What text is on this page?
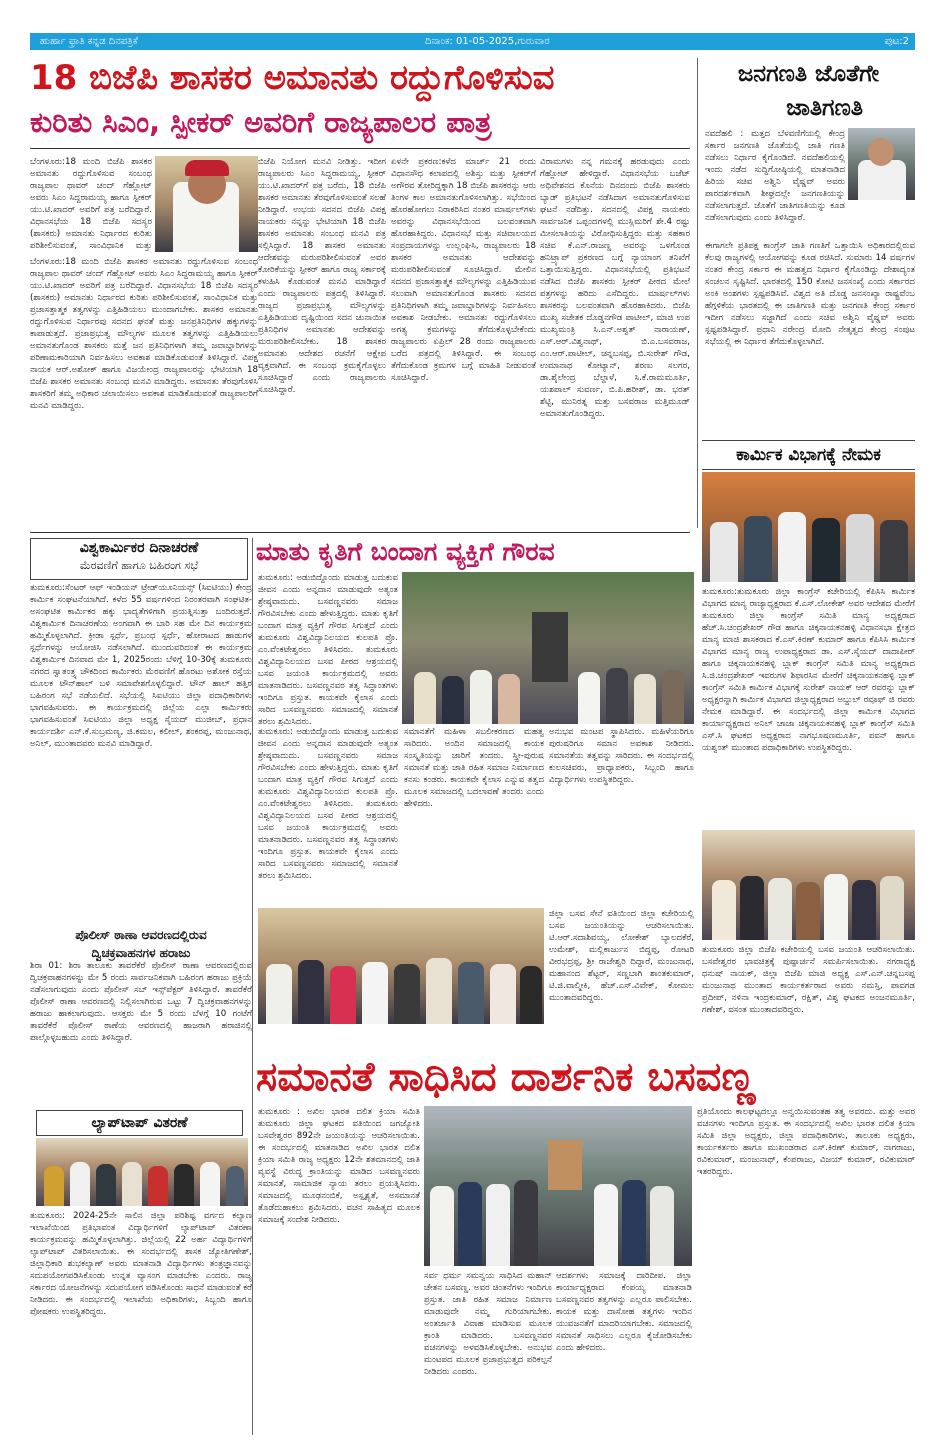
ಹುರ್ಹಾ ಫ್ರಾತಿ ಕನ್ನಡ ದಿನಪತ್ರಿಕೆ	ದಿನಾಂಕ: 01-05-2025,ಗುರುವಾರ	ಪುಟ:2
18 ಬಿಜೆಪಿ ಶಾಸಕರ ಅಮಾನತು ರದ್ದುಗೊಳಿಸುವ
ಕುರಿತು ಸಿಎಂ, ಸ್ಪೀಕರ್ ಅವರಿಗೆ ರಾಜ್ಯಪಾಲರ ಪಾತ್ರ
ಬೆಂಗಳೂರು:18 ಮಂದಿ ಬಿಜೆಪಿ ಶಾಸಕರ ಅಮಾನತು ರದ್ದುಗೊಳಿಸುವ ಸಂಬಂಧ ರಾಜ್ಯಪಾಲ ಥಾವರ್ ಚಂದ್ ಗೆಹ್ಲೋಟ್ ಅವರು ಸಿಎಂ ಸಿದ್ದರಾಮಯ್ಯ ಹಾಗೂ ಸ್ಪೀಕರ್ ಯು.ಟಿ.ಖಾದರ್ ಅವರಿಗೆ ಪತ್ರ ಬರೆದಿದ್ದಾರೆ. ವಿಧಾನಸಭೆಯ 18 ಬಿಜೆಪಿ ಸದಸ್ಯರ (ಶಾಸಕರು) ಅಮಾನತು ನಿರ್ಧಾರದ ಕುರಿತು ಪರಿಶೀಲಿಸುವಂತೆ, ಸಾಂವಿಧಾನಿಕ ಮತ್ತು
ಬೆಂಗಳೂರು:18 ಮಂದಿ ಬಿಜೆಪಿ ಶಾಸಕರ ಅಮಾನತು ರದ್ದುಗೊಳಿಸುವ ಸಂಬಂಧ ರಾಜ್ಯಪಾಲ ಥಾವರ್ ಚಂದ್ ಗೆಹ್ಲೋಟ್ ಅವರು ಸಿಎಂ ಸಿದ್ದರಾಮಯ್ಯ ಹಾಗೂ ಸ್ಪೀಕರ್ ಯು.ಟಿ.ಖಾದರ್ ಅವರಿಗೆ ಪತ್ರ ಬರೆದಿದ್ದಾರೆ. ವಿಧಾನಸಭೆಯ 18 ಬಿಜೆಪಿ ಸದಸ್ಯರ (ಶಾಸಕರು) ಅಮಾನತು ನಿರ್ಧಾರದ ಕುರಿತು ಪರಿಶೀಲಿಸುವಂತೆ, ಸಾಂವಿಧಾನಿಕ ಮತ್ತು ಪ್ರಜಾಸತ್ತಾತ್ಮಕ ತತ್ವಗಳನ್ನು ಎತ್ತಿಹಿಡಿಯಲು ಮುಂದಾಗಬೇಕು. ಶಾಸಕರ ಅಮಾನತು ರದ್ದುಗೊಳಿಸುವ ನಿರ್ಧಾರವು ಸದನದ ಘನತೆ ಮತ್ತು ಜನಪ್ರತಿನಿಧಿಗಳ ಹಕ್ಕುಗಳನ್ನು ಕಾಪಾಡುತ್ತದೆ. ಪ್ರಜಾಪ್ರಭುತ್ವ ಮೌಲ್ಯಗಳ ಮೂಲಕ ತತ್ವಗಳನ್ನು ಎತ್ತಿಹಿಡಿಯಲು ಅಮಾನತುಗೊಂಡ ಶಾಸಕರು ಮತ್ತೆ ಜನ ಪ್ರತಿನಿಧಿಗಳಾಗಿ ತಮ್ಮ ಜವಾಬ್ದಾರಿಗಳನ್ನು ಪರಿಣಾಮಕಾರಿಯಾಗಿ ನಿರ್ವಹಿಸಲು ಅವಕಾಶ ಮಾಡಿಕೊಡುವಂತೆ ತಿಳಿಸಿದ್ದಾರೆ. ವಿಪಕ್ಷ ನಾಯಕ ಆರ್.ಅಶೋಕ್ ಹಾಗೂ ವಿಜಯೇಂದ್ರ ರಾಜ್ಯಪಾಲರನ್ನು ಭೇಟಿಯಾಗಿ 18 ಬಿಜೆಪಿ ಶಾಸಕರ ಅಮಾನತು ಸಂಬಂಧ ಮನವಿ ಮಾಡಿದ್ದರು. ಅಮಾನತು ತೆರವುಗೊಳಿಸಿ ಶಾಸಕರಿಗೆ ತಮ್ಮ ಅಧಿಕಾರ ಚಲಾಯಿಸಲು ಅವಕಾಶ ಮಾಡಿಕೊಡುವಂತೆ ರಾಜ್ಯಪಾಲರಿಗೆ ಮನವಿ ಮಾಡಿದ್ದರು.
ಬಿಜೆಪಿ ನಿಯೋಗ ಮನವಿ ನೀಡಿತ್ತು. ಇದೀಗ ರಾಜ್ಯಪಾಲರು ಸಿಎಂ ಸಿದ್ದರಾಮಯ್ಯ, ಸ್ಪೀಕರ್ ಯು.ಟಿ.ಖಾದರ್‌ಗೆ ಪತ್ರ ಬರೆದು, 18 ಬಿಜೆಪಿ ಶಾಸಕರ ಅಮಾನತು ತೆರವುಗೊಳಿಸುವಂತೆ ಸಲಹೆ ನೀಡಿದ್ದಾರೆ. ಉಭಯ ಸದನದ ಬಿಜೆಪಿ ವಿಪಕ್ಷ ನಾಯಕರು ನನ್ನನ್ನು ಭೇಟಿಯಾಗಿ 18 ಬಿಜೆಪಿ ಶಾಸಕರ ಅಮಾನತು ಸಂಬಂಧ ಮನವಿ ಪತ್ರ ಸಲ್ಲಿಸಿದ್ದಾರೆ. 18 ಶಾಸಕರ ಅಮಾನತು ಆದೇಶವನ್ನು ಮರುಪರಿಶೀಲಿಸುವಂತೆ ಅವರ ಕೋರಿಕೆಯನ್ನು ಸ್ಪೀಕರ್ ಹಾಗೂ ರಾಜ್ಯ ಸರ್ಕಾರಕ್ಕೆ ಕಳುಹಿಸಿ ಕೊಡುವಂತೆ ಮನವಿ ಮಾಡಿದ್ದಾರೆ ಎಂದು ರಾಜ್ಯಪಾಲರು ಪತ್ರದಲ್ಲಿ ತಿಳಿಸಿದ್ದಾರೆ. ರಾಜ್ಯದ ಪ್ರಜಾಪ್ರಭುತ್ವ ಮೌಲ್ಯಗಳನ್ನು ಎತ್ತಿಹಿಡಿಯುವ ದೃಷ್ಟಿಯಿಂದ ಸದನ ಚುನಾಯಿತ ಪ್ರತಿನಿಧಿಗಳ ಅಮಾನತು ಆದೇಶವನ್ನು ಮರುಪರಿಶೀಲಿಸಬೇಕು. 18 ಶಾಸಕರ ಅಮಾನತು ಆದೇಶದ ರಚನೆಗೆ ಆಕ್ಷೇಪ ವ್ಯಕ್ತವಾಗಿದೆ. ಈ ಸಂಬಂಧ ಕ್ರಮಕೈಗೊಳ್ಳಲು ಸೂಚಿಸಿದ್ದಾರೆ ಎಂದು ರಾಜ್ಯಪಾಲರು ಸೂಚಿಸಿದ್ದಾರೆ.
ಏಳನೇ ಪ್ರಕರಣ:ಕಳೆದ ಮಾರ್ಚ್ 21 ರಂದು ವಿಧಾನಸೌಧ ಕಲಾಪದಲ್ಲಿ ಅಶಿಸ್ತು ಮತ್ತು ಸ್ಪೀಕರ್‌ಗೆ ಅಗೌರವ ತೋರಿದ್ದಕ್ಕಾಗಿ 18 ಬಿಜೆಪಿ ಶಾಸಕರನ್ನು ಆರು ತಿಂಗಳ ಕಾಲ ಅಮಾನತುಗೊಳಿಸಲಾಗಿತ್ತು. ಸಭೆಯಿಂದ ಹೊರಹೋಗಲು ನಿರಾಕರಿಸಿದ ನಂತರ ಮಾರ್ಷಲ್‌ಗಳು ಅವರನ್ನು ವಿಧಾನಸಭೆಯಿಂದ ಬಲವಂತವಾಗಿ ಹೊರಹಾಕಿದ್ದರು. ವಿಧಾನಸಭೆ ಮತ್ತು ಸಚಿವಾಲಯದ ಸಂಪ್ರದಾಯಗಳನ್ನು ಉಲ್ಲಂಘಿಸಿ, ರಾಜ್ಯಪಾಲರು 18 ಶಾಸಕರ ಅಮಾನತು ಆದೇಶವನ್ನು ಮರುಪರಿಶೀಲಿಸುವಂತೆ ಸೂಚಿಸಿದ್ದಾರೆ. ಮೇಲಿನ ಸದನದ ಪ್ರಜಾಸತ್ತಾತ್ಮಕ ಮೌಲ್ಯಗಳನ್ನು ಎತ್ತಿಹಿಡಿಯುವ ಸಲುವಾಗಿ ಅಮಾನತುಗೊಂಡ ಶಾಸಕರು ಸದನದ ಪ್ರತಿನಿಧಿಗಳಾಗಿ ತಮ್ಮ ಜವಾಬ್ದಾರಿಗಳನ್ನು ನಿರ್ವಹಿಸಲು ಅವಕಾಶ ನೀಡಬೇಕು. ಅಮಾನತು ರದ್ದುಗೊಳಿಸಲು ಅಗತ್ಯ ಕ್ರಮಗಳನ್ನು ತೆಗೆದುಕೊಳ್ಳಬೇಕೆಂದು ರಾಜ್ಯಪಾಲರು ಏಪ್ರಿಲ್ 28 ರಂದು ರಾಜ್ಯಪಾಲರು ಬರೆದ ಪತ್ರದಲ್ಲಿ ತಿಳಿಸಿದ್ದಾರೆ. ಈ ಸಂಬಂಧ ತೆಗೆದುಕೊಂಡ ಕ್ರಮಗಳ ಬಗ್ಗೆ ಮಾಹಿತಿ ನೀಡುವಂತೆ ಸೂಚಿಸಿದ್ದಾರೆ.
ವಿರಾಮಗಳು ನನ್ನ ಗಮನಕ್ಕೆ ಹರಡುವುದು ಎಂದು ಗೆಹ್ಲೋಟ್ ಹೇಳಿದ್ದಾರೆ. ವಿಧಾನಸಭೆಯ ಬಜೆಟ್ ಅಧಿವೇಶನದ ಕೊನೆಯ ದಿನದಂದು ಬಿಜೆಪಿ ಶಾಸಕರು ಬ್ಯಾಡ್ ಪ್ರತಿಭಟನೆ ನಡೆಸಿದಾಗ ಅಮಾನತುಗೊಳಿಸುವ ಘಟನೆ ನಡೆದಿತ್ತು. ಸದನದಲ್ಲಿ ವಿಪಕ್ಷ ನಾಯಕರು ಸಾರ್ವಜನಿಕ ಒಪ್ಪಂದಗಳಲ್ಲಿ ಮುಸ್ಲಿಮರಿಗೆ ಶೇ.4 ರಷ್ಟು ಮೀಸಲಾತಿಯನ್ನು ವಿರೋಧಿಸುತ್ತಿದ್ದರು ಮತ್ತು ಸಹಕಾರ ಸಚಿವ ಕೆ.ಎನ್.ರಾಜಣ್ಣ ಅವರನ್ನು ಒಳಗೊಂಡ ಹನಿಟ್ರ್ಯಾಪ್ ಪ್ರಕರಣದ ಬಗ್ಗೆ ನ್ಯಾಯಾಂಗ ತನಿಖೆಗೆ ಒತ್ತಾಯಿಸುತ್ತಿದ್ದರು. ವಿಧಾನಸಭೆಯಲ್ಲಿ ಪ್ರತಿಭಟನೆ ನಡೆಸಿದ ಬಿಜೆಪಿ ಶಾಸಕರು ಸ್ಪೀಕರ್ ಪೀಠದ ಮೇಲೆ ಪತ್ರಗಳನ್ನು ಹರಿದು ಎಸೆದಿದ್ದರು. ಮಾರ್ಷಲ್‌ಗಳು ಶಾಸಕರನ್ನು ಬಲವಂತವಾಗಿ ಹೊರಹಾಕಿದರು. ಬಿಜೆಪಿ ಮುಖ್ಯ ಸಚೇತಕ ದೊಡ್ಡನಗೌಡ ಪಾಟೀಲ್, ಮಾಜಿ ಉಪ ಮುಖ್ಯಮಂತ್ರಿ ಸಿ.ಎನ್.ಅಶ್ವತ್ ನಾರಾಯಣ್, ಎಸ್.ಆರ್.ವಿಶ್ವನಾಥ್, ಬಿ.ಎ.ಬಸವರಾಜ, ಎಂ.ಆರ್.ಪಾಟೀಲ್, ಚನ್ನಬಸಪ್ಪ, ಬಿ.ಸುರೇಶ್ ಗೌಡ, ಉಮಾನಾಥ ಕೋಟ್ಯಾನ್, ಶರಣು ಸಲಗರ, ಡಾ.ಶೈಲೇಂದ್ರ ಬೆಲ್ದಾಳೆ, ಸಿ.ಕೆ.ರಾಮಮೂರ್ತಿ, ಯಶಪಾಲ್ ಸುವರ್ಣ, ಬಿ.ಪಿ.ಹರೀಶ್, ಡಾ. ಭರತ್ ಶೆಟ್ಟಿ, ಮುನಿರತ್ನ ಮತ್ತು ಬಸವರಾಜ ಮತ್ತಿಮೂಡ್ ಅಮಾನತುಗೊಂಡಿದ್ದರು.
ಜನಗಣತಿ ಜೊತೆಗೇ
ಜಾತಿಗಣತಿ
ನವದೆಹಲಿ : ಮತ್ತದ ಬೆಳವಣಿಗೆಯಲ್ಲಿ ಕೇಂದ್ರ ಸರ್ಕಾರ ಜನಗಣತಿ ಜೊತೆಯಲ್ಲಿ ಜಾತಿ ಗಣತಿ ನಡೆಸಲು ನಿರ್ಧಾರ ಕೈಗೊಂಡಿದೆ. ನವದೆಹಲಿಯಲ್ಲಿ ಇಂದು ನಡೆದ ಸುದ್ದಿಗೋಷ್ಠಿಯಲ್ಲಿ ಮಾತನಾಡಿದ ಹಿರಿಯ ಸಚಿವ ಅಶ್ವಿನಿ ವೈಷ್ಣವ್ ಅವರು ಪಾರದರ್ಶಕವಾಗಿ ಶೀಘ್ರದಲ್ಲೇ ಜನಗಣತಿಯನ್ನು ನಡೆಸಲಾಗುತ್ತದೆ. ಜೊತೆಗೆ ಜಾತಿಗಣತಿಯನ್ನು ಕೂಡ ನಡೆಸಲಾಗುವುದು ಎಂದು ತಿಳಿಸಿದ್ದಾರೆ.
ಈಗಾಗಲೇ ಪ್ರತಿಪಕ್ಷ ಕಾಂಗ್ರೆಸ್ ಜಾತಿ ಗಣತಿಗೆ ಒತ್ತಾಯಿಸಿ ಅಧಿಕಾರದಲ್ಲಿರುವ ಕೆಲವು ರಾಜ್ಯಗಳಲ್ಲಿ ಆಯೋಗವನ್ನು ಕೂಡ ರಚಿಸಿದೆ. ಸುಮಾರು 14 ವರ್ಷಗಳ ನಂತರ ಕೇಂದ್ರ ಸರ್ಕಾರ ಈ ಮಹತ್ವದ ನಿರ್ಧಾರ ಕೈಗೊಂಡಿದ್ದು ದೇಶಾದ್ಯಂತ ಸಂಚಲನ ಸೃಷ್ಟಿಸಿದೆ. ಭಾರತದಲ್ಲಿ 150 ಕೋಟಿ ಜನಸಂಖ್ಯೆ ಎಂದು ಸರ್ಕಾರದ ಅಂಕಿ ಅಂಶಗಳು ಸ್ಪಷ್ಟಪಡಿಸಿವೆ. ವಿಶ್ವದ ಅತಿ ದೊಡ್ಡ ಜನಸಂಖ್ಯಾ ರಾಷ್ಟ್ರವೆಂಬ ಹೆಗ್ಗಳಿಕೆಯ ಭಾರತದಲ್ಲಿ ಈ ಜಾತಿಗಣತಿ ಮತ್ತು ಜನಗಣತಿ ಕೇಂದ್ರ ಸರ್ಕಾರ ಇದೀಗ ನಡೆಸಲು ಸಜ್ಜಾಗಿದೆ ಎಂದು ಸಚಿವ ಅಶ್ವಿನಿ ವೈಷ್ಣವ್ ಅವರು ಸ್ಪಷ್ಟಪಡಿಸಿದ್ದಾರೆ. ಪ್ರಧಾನಿ ನರೇಂದ್ರ ಮೋದಿ ನೇತೃತ್ವದ ಕೇಂದ್ರ ಸಂಪುಟ ಸಭೆಯಲ್ಲಿ ಈ ನಿರ್ಧಾರ ತೆಗೆದುಕೊಳ್ಳಲಾಗಿದೆ.
ಕಾರ್ಮಿಕ ವಿಭಾಗಕ್ಕೆ ನೇಮಕ
ತುಮಕೂರು:ತುಮಕೂರು ಜಿಲ್ಲಾ ಕಾಂಗ್ರೆಸ್ ಕಚೇರಿಯಲ್ಲಿ ಕೆಪಿಸಿಸಿ ಕಾರ್ಮಿಕ ವಿಭಾಗದ ಮಾನ್ಯ ರಾಜ್ಯಾಧ್ಯಕ್ಷರಾದ ಕೆ.ಎಸ್.ಲೋಕೇಶ್ ಅವರ ಆದೇಶದ ಮೇರೆಗೆ ತುಮಕೂರು ಜಿಲ್ಲಾ ಕಾಂಗ್ರೆಸ್ ಸಮಿತಿ ಮಾನ್ಯ ಅಧ್ಯಕ್ಷರಾದ ಹೆಚ್.ಸಿ.ಚಂದ್ರಶೇಖರ್ ಗೌಡ ಹಾಗೂ ಚಿಕ್ಕನಾಯಕನಹಳ್ಳಿ ವಿಧಾನಸಭಾ ಕ್ಷೇತ್ರದ ಮಾನ್ಯ ಮಾಜಿ ಶಾಸಕರಾದ ಕೆ.ಎಸ್.ಕಿರಣ್ ಕುಮಾರ್ ಹಾಗೂ ಕೆಪಿಸಿಸಿ ಕಾರ್ಮಿಕ ವಿಭಾಗದ ಮಾನ್ಯ ರಾಜ್ಯ ಉಪಾಧ್ಯಕ್ಷರಾದ ಡಾ. ಎಸ್.ಸೈಯದ್ ದಾದಾಪೀರ್ ಹಾಗೂ ಚಿಕ್ಕನಾಯಕನಹಳ್ಳಿ ಬ್ಲಾಕ್ ಕಾಂಗ್ರೆಸ್ ಸಮಿತಿ ಮಾನ್ಯ ಅಧ್ಯಕ್ಷರಾದ ಸಿ.ಜಿ.ಚಂದ್ರಶೇಖರ್ ಇವರುಗಳ ಶಿಫಾರಸಿನ ಮೇರೆಗೆ ಚಿಕ್ಕನಾಯಕನಹಳ್ಳಿ ಬ್ಲಾಕ್ ಕಾಂಗ್ರೆಸ್ ಸಮಿತಿ ಕಾರ್ಮಿಕ ವಿಭಾಗಕ್ಕೆ ಸುರೇಶ್ ನಾಯಕ್ ಆರ್ ರವರನ್ನು ಬ್ಲಾಕ್ ಅಧ್ಯಕ್ಷರನ್ನಾಗಿ ಕಾರ್ಮಿಕ ವಿಭಾಗದ ಜಿಲ್ಲಾಧ್ಯಕ್ಷರಾದ ಅಬ್ದುಲ್ ರವೂಫ್ ಜಿ ರವರು ನೇಮಕ ಮಾಡಿದ್ದಾರೆ. ಈ ಸಂದರ್ಭದಲ್ಲಿ ಜಿಲ್ಲಾ ಕಾರ್ಮಿಕ ವಿಭಾಗದ ಕಾರ್ಯಾಧ್ಯಕ್ಷರಾದ ಅನಿಲ್ ಚಾಜಾ ಚಿಕ್ಕನಾಯಕನಹಳ್ಳಿ ಬ್ಲಾಕ್ ಕಾಂಗ್ರೆಸ್ ಸಮಿತಿ ಎಸ್.ಸಿ ಘಟಕದ ಅಧ್ಯಕ್ಷರಾದ ನಾಗಭೂಷಣಮೂರ್ತಿ, ಪವನ್ ಹಾಗೂ ಯಶ್ವಂತ್ ಮುಂತಾದ ಪದಾಧಿಕಾರಿಗಳು ಉಪಸ್ಥಿತರಿದ್ದರು.
ತುಮಕೂರು ಜಿಲ್ಲಾ ಬಿಜೆಪಿ ಕಚೇರಿಯಲ್ಲಿ ಬಸವ ಜಯಂತಿ ಆಚರಿಸಲಾಯಿತು. ಬಸವೇಶ್ವರರ ಭಾವಚಿತ್ರಕ್ಕೆ ಪುಷ್ಪಾರ್ಚನೆ ಸಮರ್ಪಿಸಲಾಯಿತು. ನಗರಾಧ್ಯಕ್ಷ ಧನುಷ್ ನಾಯಕ್, ಜಿಲ್ಲಾ ಬಿಜೆಪಿ ಮಾಜಿ ಅಧ್ಯಕ್ಷ ಎಸ್.ಎನ್.ಚನ್ನಬಸಪ್ಪ ಮಂಜುನಾಥ ಮುಂತಾದ ಕಾರ್ಯಕರ್ತರಾದ ಅವರು ನಮಸ್ತಿ, ಪಾವಗಡ ಪ್ರದೀಪ್, ನಳಿನಾ ಇಂದ್ರಕುಮಾರ್, ರಕ್ಷಿತ್, ವಿಶ್ವ ಘಟಕದ ಅಂಜನಮೂರ್ತಿ, ಗಣೇಶ್, ವಸಂತ ಮುಂತಾದವರಿದ್ದರು.
ವಿಶ್ವಕಾರ್ಮಿಕರ ದಿನಾಚರಣೆ
ಮೆರವಣಿಗೆ ಹಾಗೂ ಬಹಿರಂಗ ಸಭೆ
ತುಮಕೂರು:ಸೆಂಟರ್ ಆಫ್ ಇಂಡಿಯನ್ ಟ್ರೇಡ್‌ಯೂನಿಯನ್ಸ್ (ಸಿಐಟಿಯು) ಕೇಂದ್ರ ಕಾರ್ಮಿಕ ಸಂಘಟನೆಯಾಗಿದೆ. ಕಳೆದ 55 ವರ್ಷಗಳಿಂದ ನಿರಂತರವಾಗಿ ಸಂಘಟಿತ-ಅಸಂಘಟಿತ ಕಾರ್ಮಿಕರ ಹಕ್ಕು ಭಾದ್ಯತೆಗಳಿಗಾಗಿ ಪ್ರಯತ್ನಿಸುತ್ತಾ ಬಂದಿರುತ್ತದೆ. ವಿಶ್ವಕಾರ್ಮಿಕ ದಿನಾಚರಣೆಯ ಅಂಗವಾಗಿ ಈ ಬಾರಿ ಸಹ ಮೇ ದಿನ ಕಾರ್ಯಕ್ರಮ ಹಮ್ಮಿಕೊಳ್ಳಲಾಗಿದೆ. ಕ್ರೀಡಾ ಸ್ಪರ್ಧೆ, ಪ್ರಬಂಧ ಸ್ಪರ್ಧೆ, ಹೋರಾಟದ ಹಾಡುಗಳ ಸ್ಪರ್ಧೆಗಳನ್ನು ಆಯೋಜಿಸಿ ನಡೆಸಲಾಗಿದೆ. ಮುಂದುವರಿದಂತೆ ಈ ಕಾರ್ಯಕ್ರಮ ವಿಶ್ವಕಾರ್ಮಿಕ ದಿನವಾದ ಮೇ 1, 2025ರಂದು ಬೆಳಿಗ್ಗೆ 10-30ಕ್ಕೆ ತುಮಕೂರು ನಗರದ ಸ್ವಾತಂತ್ರ್ಯ ಚೌಕದಿಂದ ಕಾರ್ಮಿಕರು ಮೆರವಣಿಗೆ ಹೊರಟು ಅಶೋಕ ರಸ್ತೆಯ ಮೂಲಕ ಟೌನ್‌ಹಾಲ್ ಬಳಿ ಸಮಾವೇಶಗೊಳ್ಳಲಿದ್ದಾರೆ. ಟೌನ್ ಹಾಲ್ ಹತ್ತಿರ ಬಹಿರಂಗ ಸಭೆ ನಡೆಯಲಿದೆ. ಸಭೆಯಲ್ಲಿ ಸಿಐಟಿಯು ಜಿಲ್ಲಾ ಪದಾಧಿಕಾರಿಗಳು ಭಾಗವಹಿಸುವರು. ಈ ಕಾರ್ಯಕ್ರಮದಲ್ಲಿ ಜಿಲ್ಲೆಯ ಎಲ್ಲಾ ಕಾರ್ಮಿಕರು ಭಾಗವಹಿಸುವಂತೆ ಸಿಐಟಿಯು ಜಿಲ್ಲಾ ಅಧ್ಯಕ್ಷ ಸೈಯದ್ ಮುಜೀಬ್, ಪ್ರಧಾನ ಕಾರ್ಯದರ್ಶಿ ಎನ್.ಕೆ.ಸುಬ್ರಮಣ್ಯ, ಜಿ.ಕಮಲ, ಕಲೀಲ್, ಶಂಕರಪ್ಪ, ಮಂಜುನಾಥ, ಅನಿಲ್, ಮುಂತಾದವರು ಮನವಿ ಮಾಡಿದ್ದಾರೆ.
ಪೊಲೀಸ್ ಠಾಣಾ ಆವರಣದಲ್ಲಿರುವ
ದ್ವಿಚಕ್ರವಾಹನಗಳ ಹರಾಜು
ಶಿರಾ 01: ಶಿರಾ ತಾಲೂಕು ತಾವರೆಕೆರೆ ಪೊಲೀಸ್ ಠಾಣಾ ಆವರಣದಲ್ಲಿರುವ ದ್ವಿಚಕ್ರವಾಹನಗಳನ್ನು ಮೇ 5 ರಂದು ಸಾರ್ವಜನಿಕವಾಗಿ ಬಹಿರಂಗ ಹರಾಜು ಪ್ರಕ್ರಿಯೆ ನಡೆಸಲಾಗುವುದು ಎಂದು ಪೊಲೀಸ್ ಸಬ್ ಇನ್ಸ್‌ಪೆಕ್ಟರ್ ತಿಳಿಸಿದ್ದಾರೆ. ತಾವರೆಕೆರೆ ಪೊಲೀಸ್ ಠಾಣಾ ಆವರಣದಲ್ಲಿ ನಿಲ್ಲಿಸಲಾಗಿರುವ ಒಟ್ಟು 7 ದ್ವಿಚಕ್ರವಾಹನಗಳನ್ನು ಹರಾಜು ಹಾಕಲಾಗುವುದು. ಆಸಕ್ತರು ಮೇ 5 ರಂದು ಬೆಳಗ್ಗೆ 10 ಗಂಟೆಗೆ ತಾವರೆಕೆರೆ ಪೊಲೀಸ್ ಠಾಣೆಯ ಆವರಣದಲ್ಲಿ ಹಾಜರಾಗಿ ಹರಾಜಿನಲ್ಲಿ ಪಾಲ್ಗೊಳ್ಳಬಹುದು ಎಂದು ತಿಳಿಸಿದ್ದಾರೆ.
ಲ್ಯಾಪ್‌ಟಾಪ್ ವಿತರಣೆ
ತುಮಕೂರು: 2024-25ನೇ ಸಾಲಿನ ಜಿಲ್ಲಾ ಪರಿಶಿಷ್ಟ ವರ್ಗದ ಕಲ್ಯಾಣ ಇಲಾಖೆಯಿಂದ ಪ್ರತಿಭಾವಂತ ವಿದ್ಯಾರ್ಥಿಗಳಿಗೆ ಲ್ಯಾಪ್‌ಟಾಪ್ ವಿತರಣಾ ಕಾರ್ಯಕ್ರಮವನ್ನು ಹಮ್ಮಿಕೊಳ್ಳಲಾಗಿತ್ತು. ಜಿಲ್ಲೆಯಲ್ಲಿ 22 ಅರ್ಹ ವಿದ್ಯಾರ್ಥಿಗಳಿಗೆ ಲ್ಯಾಪ್‌ಟಾಪ್ ವಿತರಿಸಲಾಯಿತು. ಈ ಸಂದರ್ಭದಲ್ಲಿ ಶಾಸಕ ಜ್ಯೋತಿಗಣೇಶ್, ಜಿಲ್ಲಾಧಿಕಾರಿ ಶುಭಕಲ್ಯಾಣ್ ಅವರು ಮಾತನಾಡಿ ವಿದ್ಯಾರ್ಥಿಗಳು ತಂತ್ರಜ್ಞಾನವನ್ನು ಸದುಪಯೋಗಪಡಿಸಿಕೊಂಡು ಉನ್ನತ ವ್ಯಾಸಂಗ ಮಾಡಬೇಕು ಎಂದರು. ರಾಜ್ಯ ಸರ್ಕಾರದ ಯೋಜನೆಗಳನ್ನು ಸದುಪಯೋಗ ಪಡಿಸಿಕೊಂಡು ಸಾಧನೆ ಮಾಡುವಂತೆ ಕರೆ ನೀಡಿದರು. ಈ ಸಂದರ್ಭದಲ್ಲಿ ಇಲಾಖೆಯ ಅಧಿಕಾರಿಗಳು, ಸಿಬ್ಬಂದಿ ಹಾಗೂ ಪೋಷಕರು ಉಪಸ್ಥಿತರಿದ್ದರು.
ಮಾತು ಕೃತಿಗೆ ಬಂದಾಗ ವ್ಯಕ್ತಿಗೆ ಗೌರವ
ತುಮಕೂರು: ಅಡುಬಿದ್ದೊಂದು ಮಾಡುತ್ತ ಬದುಕುವ ಜೀವನ ಎಂದು ಅನ್ನದಾನ ಮಾಡುವುದೇ ಅತ್ಯಂತ ಶ್ರೇಷ್ಠವಾದುದು. ಬಸವಣ್ಣನವರು ಸಮಾಜ ಗೌರವಿಸಬೇಕು ಎಂದು ಹೇಳುತ್ತಿದ್ದರು. ಮಾತು ಕೃತಿಗೆ ಬಂದಾಗ ಮಾತ್ರ ವ್ಯಕ್ತಿಗೆ ಗೌರವ ಸಿಗುತ್ತದೆ ಎಂದು ತುಮಕೂರು ವಿಶ್ವವಿದ್ಯಾನಿಲಯದ ಕುಲಪತಿ ಪ್ರೊ. ಎಂ.ವೆಂಕಟೇಶ್ವರಲು ತಿಳಿಸಿದರು. ತುಮಕೂರು ವಿಶ್ವವಿದ್ಯಾನಿಲಯದ ಬಸವ ಪೀಠದ ಆಶ್ರಯದಲ್ಲಿ ಬಸವ ಜಯಂತಿ ಕಾರ್ಯಕ್ರಮದಲ್ಲಿ ಅವರು ಮಾತನಾಡಿದರು. ಬಸವಣ್ಣನವರ ತತ್ವ ಸಿದ್ಧಾಂತಗಳು ಇಂದಿಗೂ ಪ್ರಸ್ತುತ. ಕಾಯಕವೇ ಕೈಲಾಸ ಎಂದು ಸಾರಿದ ಬಸವಣ್ಣನವರು ಸಮಾಜದಲ್ಲಿ ಸಮಾನತೆ ತರಲು ಶ್ರಮಿಸಿದರು.
ತುಮಕೂರು: ಅಡುಬಿದ್ದೊಂದು ಮಾಡುತ್ತ ಬದುಕುವ ಜೀವನ ಎಂದು ಅನ್ನದಾನ ಮಾಡುವುದೇ ಅತ್ಯಂತ ಶ್ರೇಷ್ಠವಾದುದು. ಬಸವಣ್ಣನವರು ಸಮಾಜ ಗೌರವಿಸಬೇಕು ಎಂದು ಹೇಳುತ್ತಿದ್ದರು. ಮಾತು ಕೃತಿಗೆ ಬಂದಾಗ ಮಾತ್ರ ವ್ಯಕ್ತಿಗೆ ಗೌರವ ಸಿಗುತ್ತದೆ ಎಂದು ತುಮಕೂರು ವಿಶ್ವವಿದ್ಯಾನಿಲಯದ ಕುಲಪತಿ ಪ್ರೊ. ಎಂ.ವೆಂಕಟೇಶ್ವರಲು ತಿಳಿಸಿದರು. ತುಮಕೂರು ವಿಶ್ವವಿದ್ಯಾನಿಲಯದ ಬಸವ ಪೀಠದ ಆಶ್ರಯದಲ್ಲಿ ಬಸವ ಜಯಂತಿ ಕಾರ್ಯಕ್ರಮದಲ್ಲಿ ಅವರು ಮಾತನಾಡಿದರು. ಬಸವಣ್ಣನವರ ತತ್ವ ಸಿದ್ಧಾಂತಗಳು ಇಂದಿಗೂ ಪ್ರಸ್ತುತ. ಕಾಯಕವೇ ಕೈಲಾಸ ಎಂದು ಸಾರಿದ ಬಸವಣ್ಣನವರು ಸಮಾಜದಲ್ಲಿ ಸಮಾನತೆ ತರಲು ಶ್ರಮಿಸಿದರು.
ಸಮಾನತೆಗೆ ಮಹಿಳಾ ಸಬಲೀಕರಣದ ಮಹತ್ವ ಸಾರಿದರು. ಅಂದಿನ ಸಮಾಜದಲ್ಲಿ ಕಾಯಕ ಸಂಸ್ಕೃತಿಯನ್ನು ಜಾರಿಗೆ ತಂದರು. ಸ್ತ್ರೀ-ಪುರುಷ ಸಮಾನತೆ ಮತ್ತು ಜಾತಿ ರಹಿತ ಸಮಾಜ ನಿರ್ಮಾಣದ ಕನಸು ಕಂಡರು. ಕಾಯಕವೇ ಕೈಲಾಸ ಎನ್ನುವ ತತ್ವದ ಮೂಲಕ ಸಮಾಜದಲ್ಲಿ ಬದಲಾವಣೆ ತಂದರು ಎಂದು ಹೇಳಿದರು.
ಅನುಭವ ಮಂಟಪ ಸ್ಥಾಪಿಸಿದರು. ಮಹಿಳೆಯರಿಗೂ ಪುರುಷರಿಗೂ ಸಮಾನ ಅವಕಾಶ ನೀಡಿದರು. ಸಮಾನತೆಯ ತತ್ವವನ್ನು ಸಾರಿದರು. ಈ ಸಂದರ್ಭದಲ್ಲಿ ಕುಲಸಚಿವರು, ಪ್ರಾಧ್ಯಾಪಕರು, ಸಿಬ್ಬಂದಿ ಹಾಗೂ ವಿದ್ಯಾರ್ಥಿಗಳು ಉಪಸ್ಥಿತರಿದ್ದರು.
ಜಿಲ್ಲಾ ಬಸವ ಸೇನೆ ವತಿಯಿಂದ ಜಿಲ್ಲಾ ಕಚೇರಿಯಲ್ಲಿ ಬಸವ ಜಯಂತಿಯನ್ನು ಆಚರಿಸಲಾಯಿತು. ಟಿ.ಆರ್.ಸದಾಶಿವಯ್ಯ, ಲೋಕೇಶ್ ಬ್ಯಾಲದಕೆರೆ, ಉಮೇಶ್, ಮಲ್ಲಿಕಾರ್ಜುನ ಬಿದ್ದಪ್ಪ, ರೋಟರಿ ವೀರಭದ್ರಪ್ಪ, ಶ್ರೀ ರಾಜೇಶ್ವರಿ ದಿದ್ದಾರೆ, ಮಂಜುನಾಥ, ಮಹಾನಂದ ಶೆಟ್ಟರ್, ಸಣ್ಣಬಾಗಿ ಶಾಂತಕುಮಾರ್, ಟಿ.ಜಿ.ವಾಲ್ಮೀಕಿ, ಹೆಚ್.ಎಸ್.ವಿವೇಕ್, ಕೋಮಲ ಮುಂತಾದವರಿದ್ದರು.
ಸಮಾನತೆ ಸಾಧಿಸಿದ ದಾರ್ಶನಿಕ ಬಸವಣ್ಣ
ತುಮಕೂರು : ಅಖಿಲ ಭಾರತ ದಲಿತ ಕ್ರಿಯಾ ಸಮಿತಿ ತುಮಕೂರು ಜಿಲ್ಲಾ ಘಟಕದ ವತಿಯಿಂದ ಜಗಜ್ಯೋತಿ ಬಸವೇಶ್ವರರ 892ನೇ ಜಯಂತಿಯನ್ನು ಆಚರಿಸಲಾಯಿತು. ಈ ಸಂದರ್ಭದಲ್ಲಿ ಮಾತನಾಡಿದ ಅಖಿಲ ಭಾರತ ದಲಿತ ಕ್ರಿಯಾ ಸಮಿತಿ ರಾಜ್ಯ ಅಧ್ಯಕ್ಷರು 12ನೇ ಶತಮಾನದಲ್ಲಿ ಜಾತಿ ವ್ಯವಸ್ಥೆ ವಿರುದ್ಧ ಕ್ರಾಂತಿಯನ್ನು ಮಾಡಿದ ಬಸವಣ್ಣನವರು ಸಮಾನತೆ, ಸಾಮಾಜಿಕ ನ್ಯಾಯ ತರಲು ಪ್ರಯತ್ನಿಸಿದರು. ಸಮಾಜದಲ್ಲಿ ಮೂಢನಂಬಿಕೆ, ಅಸ್ಪೃಶ್ಯತೆ, ಅಸಮಾನತೆ ತೊಡೆದುಹಾಕಲು ಶ್ರಮಿಸಿದರು. ವಚನ ಸಾಹಿತ್ಯದ ಮೂಲಕ ಸಮಾಜಕ್ಕೆ ಸಂದೇಶ ನೀಡಿದರು.
ಸರ್ವ ಧರ್ಮ ಸಮನ್ವಯ ಸಾಧಿಸಿದ ಮಹಾನ್ ಚೇತನ ಬಸವಣ್ಣ. ಅವರ ಚಿಂತನೆಗಳು ಇಂದಿಗೂ ಪ್ರಸ್ತುತ. ಜಾತಿ ರಹಿತ ಸಮಾಜ ನಿರ್ಮಾಣ ಮಾಡುವುದೇ ನಮ್ಮ ಗುರಿಯಾಗಬೇಕು. ಅಂತರ್ಜಾತಿ ವಿವಾಹ ಮಾಡಿಸುವ ಮೂಲಕ ಕ್ರಾಂತಿ ಮಾಡಿದರು. ಬಸವಣ್ಣನವರ ವಚನಗಳನ್ನು ಅಳವಡಿಸಿಕೊಳ್ಳಬೇಕು. ಅನುಭವ ಮಂಟಪದ ಮೂಲಕ ಪ್ರಜಾಪ್ರಭುತ್ವದ ಪರಿಕಲ್ಪನೆ ನೀಡಿದರು ಎಂದರು.
ಆದರ್ಶಗಳು ಸಮಾಜಕ್ಕೆ ದಾರಿದೀಪ. ಜಿಲ್ಲಾ ಕಾರ್ಯಾಧ್ಯಕ್ಷರಾದ ಕೆಂಪಯ್ಯ ಮಾತನಾಡಿ ಬಸವಣ್ಣನವರ ತತ್ವಗಳನ್ನು ಎಲ್ಲರೂ ಪಾಲಿಸಬೇಕು. ಕಾಯಕ ಮತ್ತು ದಾಸೋಹ ತತ್ವಗಳು ಇಂದಿನ ಯುವಜನತೆಗೆ ಮಾದರಿಯಾಗಬೇಕು. ಸಮಾಜದಲ್ಲಿ ಸಮಾನತೆ ಸಾಧಿಸಲು ಎಲ್ಲರೂ ಕೈಜೋಡಿಸಬೇಕು ಎಂದು ಹೇಳಿದರು.
ಪ್ರತಿಯೊಂದು ಕಾಲಘಟ್ಟದಲ್ಲೂ ಅನ್ವಯಿಸುವಂತಹ ತತ್ವ ಅವರದು. ಮತ್ತು ಅವರ ವಚನಗಳು ಇಂದಿಗೂ ಪ್ರಸ್ತುತ. ಈ ಸಂದರ್ಭದಲ್ಲಿ ಅಖಿಲ ಭಾರತ ದಲಿತ ಕ್ರಿಯಾ ಸಮಿತಿ ಜಿಲ್ಲಾ ಅಧ್ಯಕ್ಷರು, ಜಿಲ್ಲಾ ಪದಾಧಿಕಾರಿಗಳು, ತಾಲೂಕು ಅಧ್ಯಕ್ಷರು, ಕಾರ್ಯಕರ್ತರು ಹಾಗೂ ಮುಖಂಡರಾದ ಎಸ್.ಕಿರಣ್ ಕುಮಾರ್, ನಾಗರಾಜು, ರವಿಕುಮಾರ್, ಮಂಜುನಾಥ್, ಕೆಂಪರಾಜು, ವಿಜಯ್ ಕುಮಾರ್, ರವಿಕುಮಾರ್ ಇತರರಿದ್ದರು.
